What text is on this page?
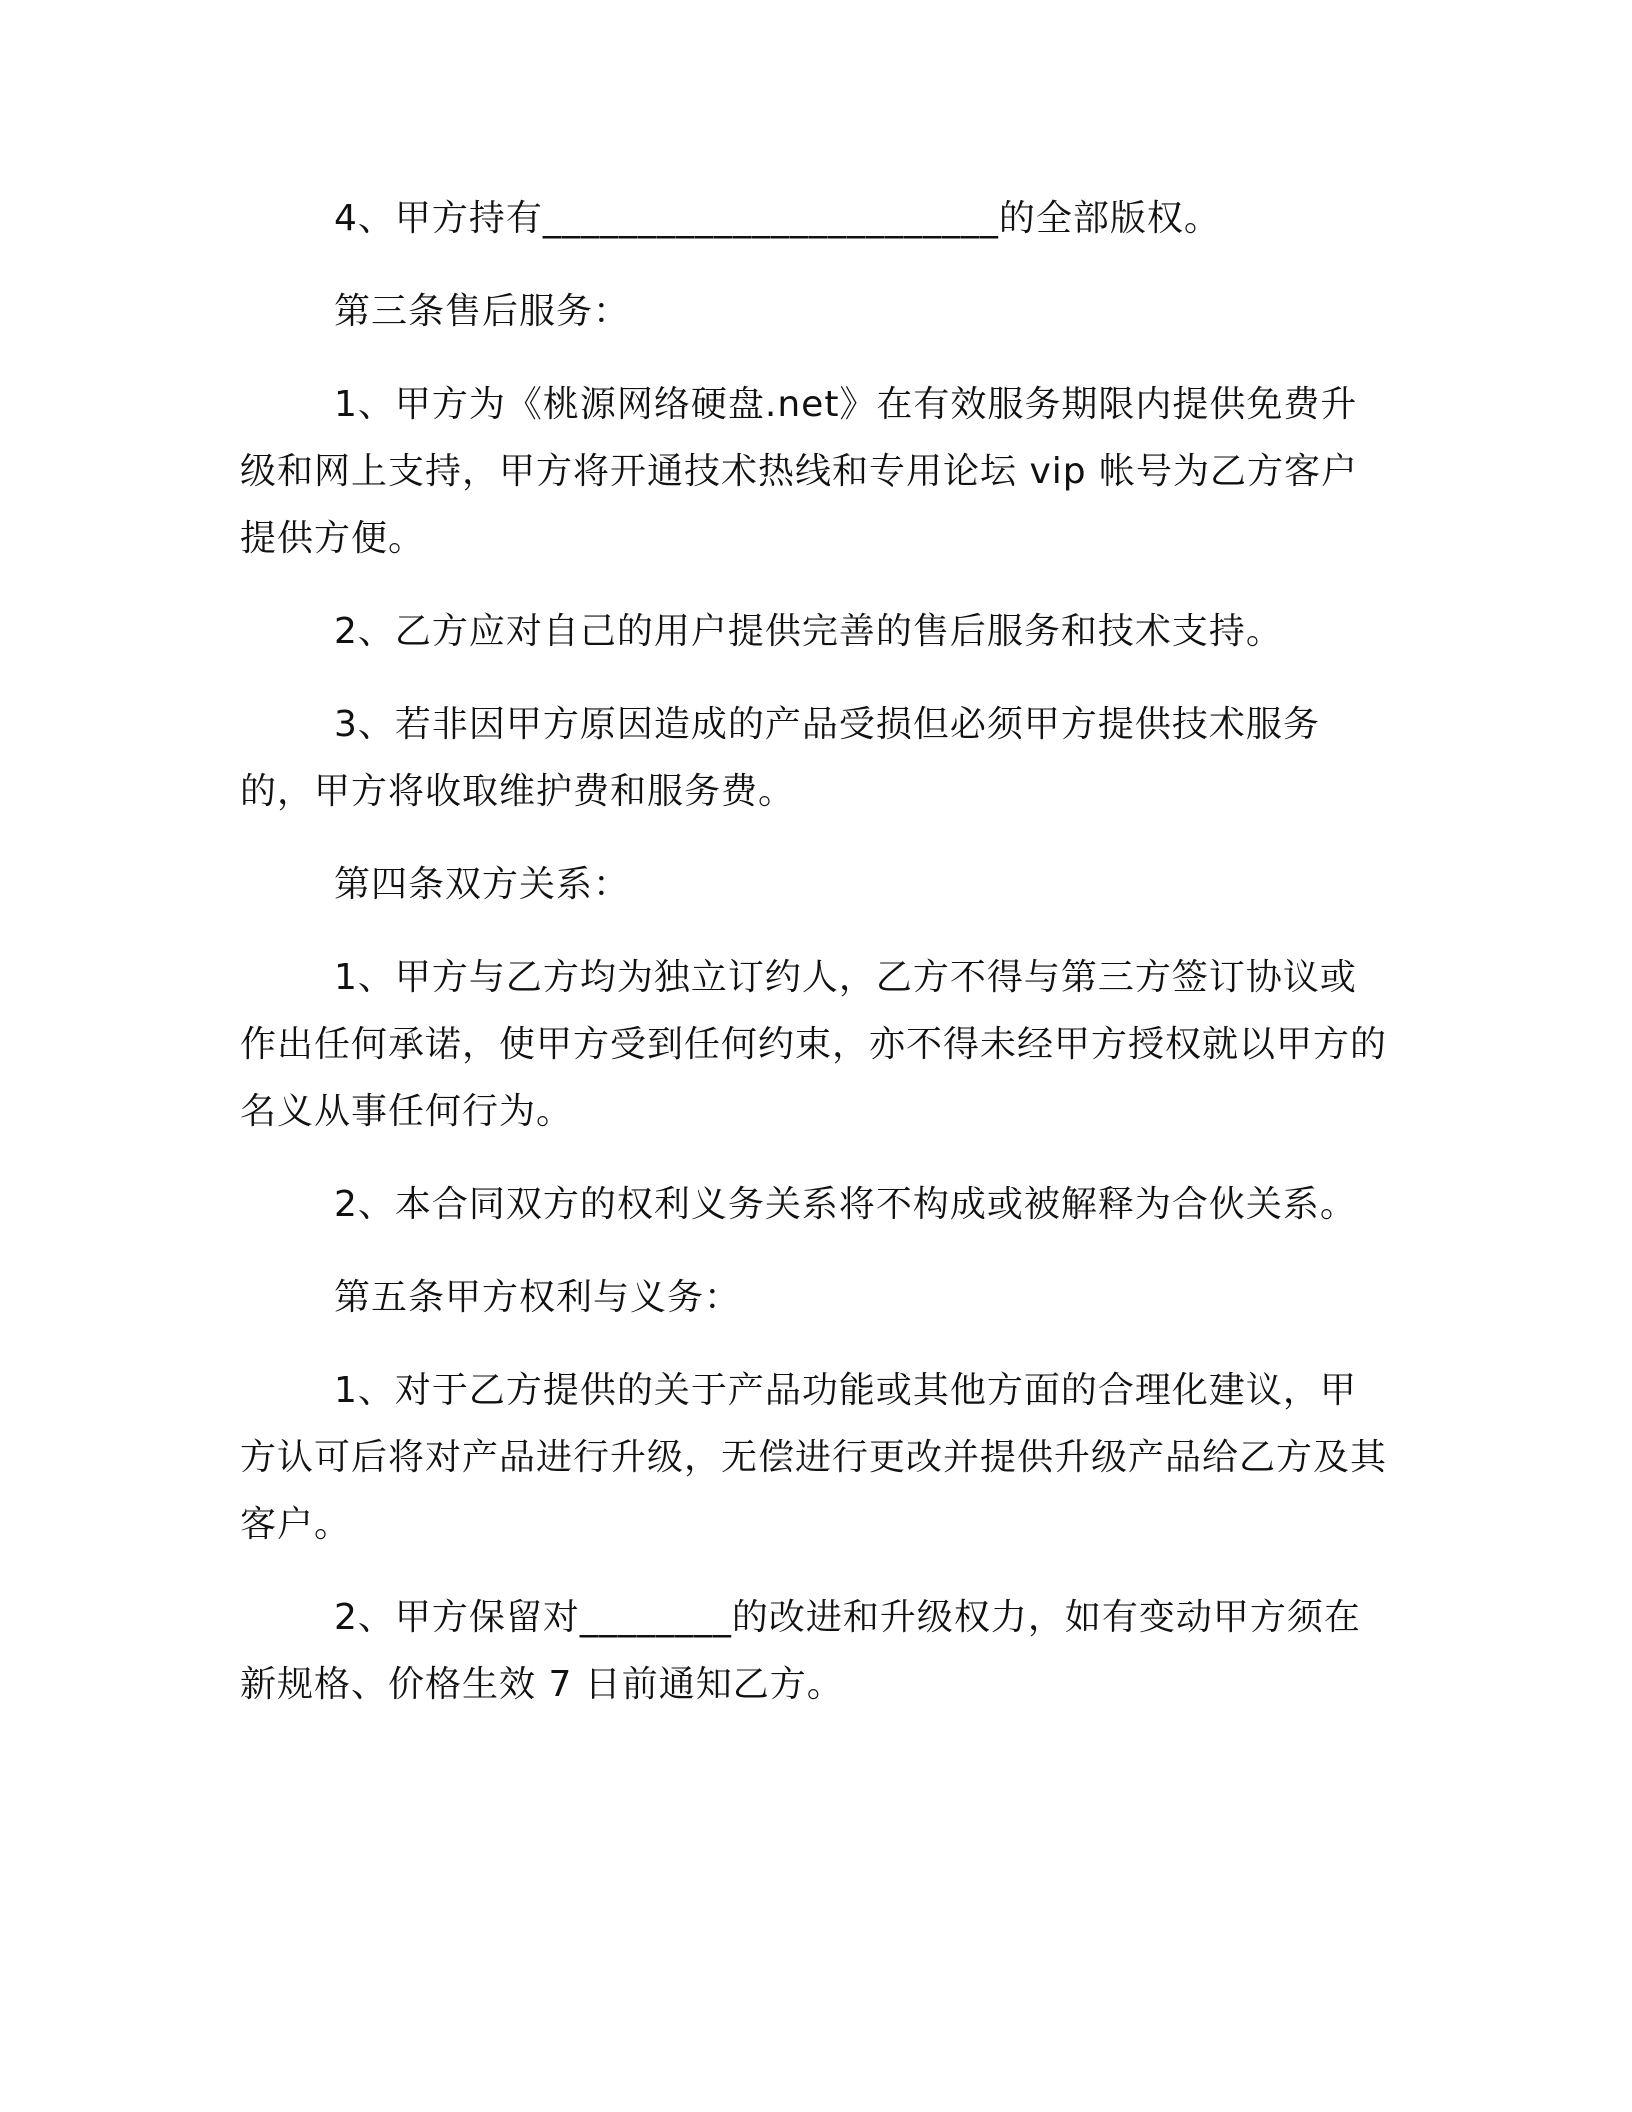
4、甲方持有________________________的全部版权。

第三条售后服务：

1、甲方为《桃源网络硬盘.net》在有效服务期限内提供免费升级和网上支持，甲方将开通技术热线和专用论坛 vip 帐号为乙方客户提供方便。

2、乙方应对自己的用户提供完善的售后服务和技术支持。

3、若非因甲方原因造成的产品受损但必须甲方提供技术服务的，甲方将收取维护费和服务费。

第四条双方关系：

1、甲方与乙方均为独立订约人，乙方不得与第三方签订协议或作出任何承诺，使甲方受到任何约束，亦不得未经甲方授权就以甲方的名义从事任何行为。

2、本合同双方的权利义务关系将不构成或被解释为合伙关系。

第五条甲方权利与义务：

1、对于乙方提供的关于产品功能或其他方面的合理化建议，甲方认可后将对产品进行升级，无偿进行更改并提供升级产品给乙方及其客户。

2、甲方保留对________的改进和升级权力，如有变动甲方须在新规格、价格生效 7 日前通知乙方。
